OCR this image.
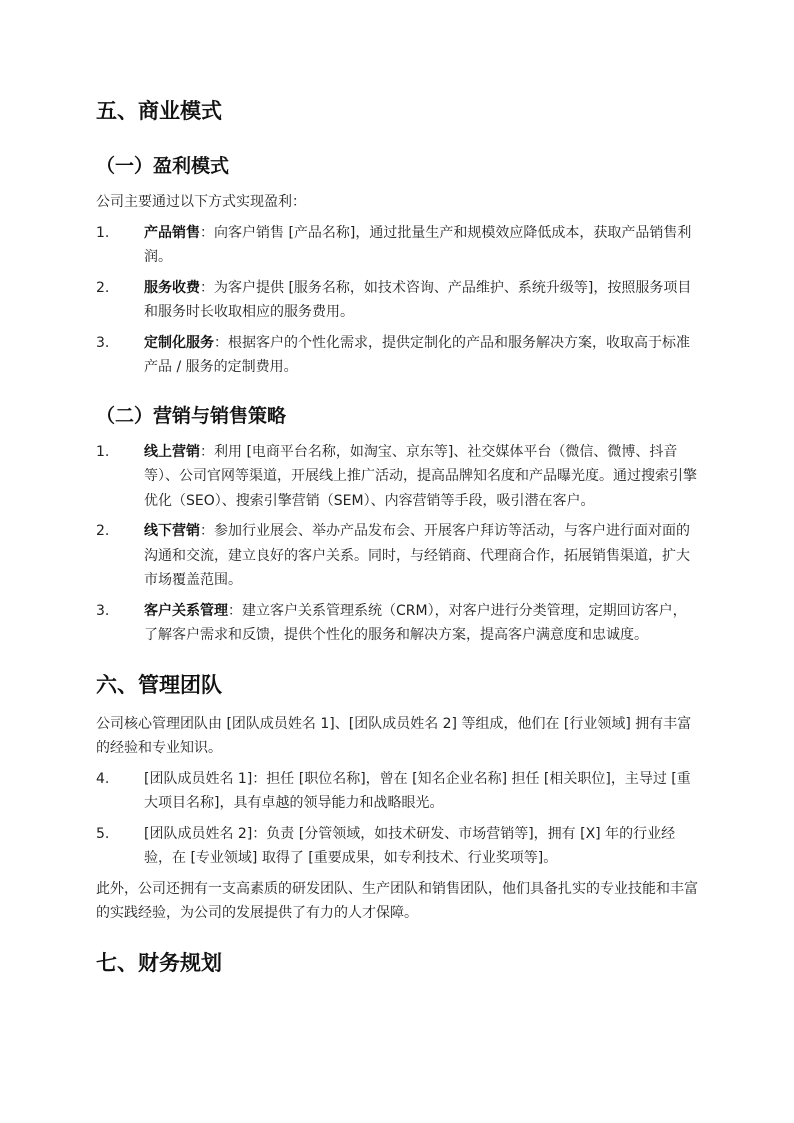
五、商业模式
（一）盈利模式

公司主要通过以下方式实现盈利：

1.	产品销售：向客户销售 [产品名称]，通过批量生产和规模效应降低成本，获取产品销售利润。
2.	服务收费：为客户提供 [服务名称，如技术咨询、产品维护、系统升级等]，按照服务项目和服务时长收取相应的服务费用。
3.	定制化服务：根据客户的个性化需求，提供定制化的产品和服务解决方案，收取高于标准产品 / 服务的定制费用。
（二）营销与销售策略
1.	线上营销：利用 [电商平台名称，如淘宝、京东等]、社交媒体平台（微信、微博、抖音等）、公司官网等渠道，开展线上推广活动，提高品牌知名度和产品曝光度。通过搜索引擎优化（SEO）、搜索引擎营销（SEM）、内容营销等手段，吸引潜在客户。
2.	线下营销：参加行业展会、举办产品发布会、开展客户拜访等活动，与客户进行面对面的沟通和交流，建立良好的客户关系。同时，与经销商、代理商合作，拓展销售渠道，扩大市场覆盖范围。
3.	客户关系管理：建立客户关系管理系统（CRM），对客户进行分类管理，定期回访客户，了解客户需求和反馈，提供个性化的服务和解决方案，提高客户满意度和忠诚度。
六、管理团队

公司核心管理团队由 [团队成员姓名 1]、[团队成员姓名 2] 等组成，他们在 [行业领域] 拥有丰富的经验和专业知识。

4.	[团队成员姓名 1]：担任 [职位名称]，曾在 [知名企业名称] 担任 [相关职位]，主导过 [重大项目名称]，具有卓越的领导能力和战略眼光。
5.	[团队成员姓名 2]：负责 [分管领域，如技术研发、市场营销等]，拥有 [X] 年的行业经验，在 [专业领域] 取得了 [重要成果，如专利技术、行业奖项等]。

此外，公司还拥有一支高素质的研发团队、生产团队和销售团队，他们具备扎实的专业技能和丰富的实践经验，为公司的发展提供了有力的人才保障。

七、财务规划
